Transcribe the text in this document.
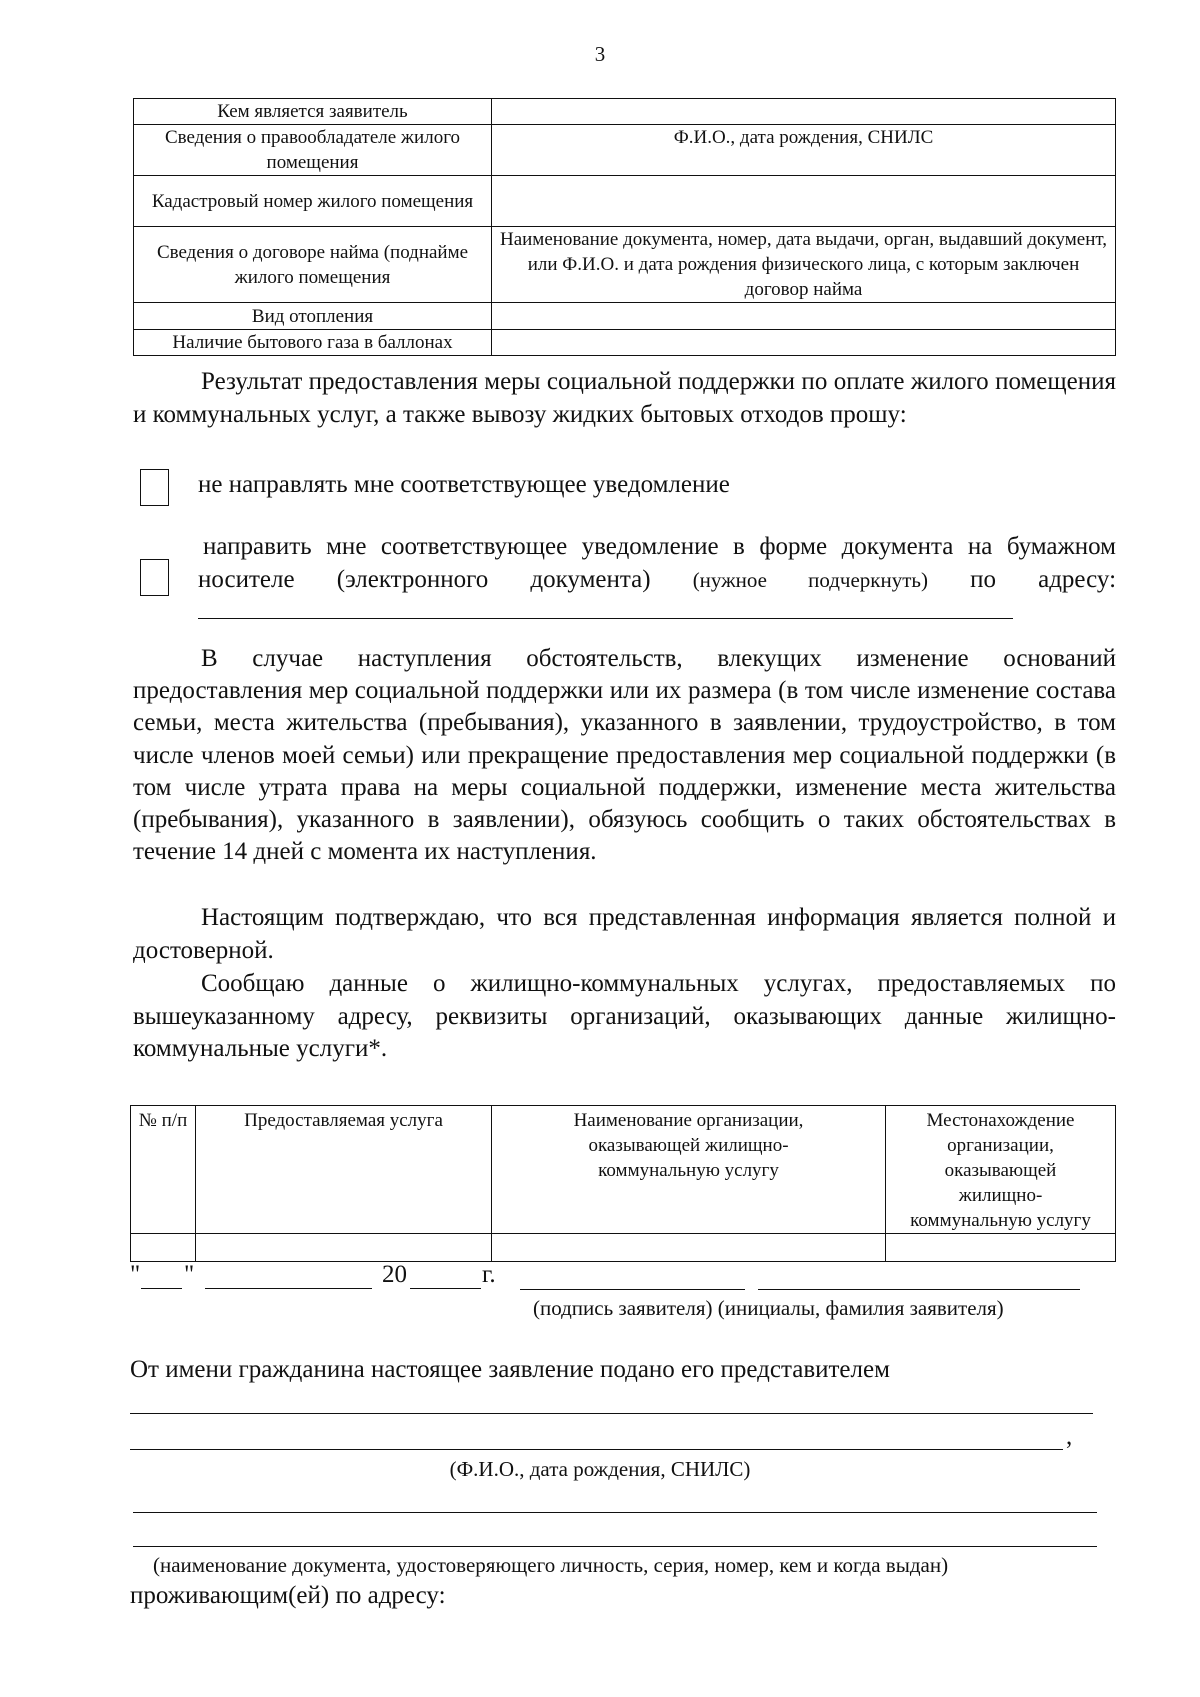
3
Кем является заявитель	
Сведения о правообладателе жилого помещения	Ф.И.О., дата рождения, СНИЛС
Кадастровый номер жилого помещения	
Сведения о договоре найма (поднайме жилого помещения	Наименование документа, номер, дата выдачи, орган, выдавший документ, или Ф.И.О. и дата рождения физического лица, с которым заключен договор найма
Вид отопления	
Наличие бытового газа в баллонах	
Результат предоставления меры социальной поддержки по оплате жилого помещения и коммунальных услуг, а также вывозу жидких бытовых отходов прошу:
не направлять мне соответствующее уведомление
направить мне соответствующее уведомление в форме документа на бумажном носителе (электронного документа) (нужное подчеркнуть) по адресу:
В случае наступления обстоятельств, влекущих изменение оснований предоставления мер социальной поддержки или их размера (в том числе изменение состава семьи, места жительства (пребывания), указанного в заявлении, трудоустройство, в том числе членов моей семьи) или прекращение предоставления мер социальной поддержки (в том числе утрата права на меры социальной поддержки, изменение места жительства (пребывания), указанного в заявлении), обязуюсь сообщить о таких обстоятельствах в течение 14 дней с момента их наступления.
Настоящим подтверждаю, что вся представленная информация является полной и достоверной.
Сообщаю данные о жилищно-коммунальных услугах, предоставляемых по вышеуказанному адресу, реквизиты организаций, оказывающих данные жилищно-коммунальные услуги*.
№ п/п	Предоставляемая услуга	Наименование организации, оказывающей жилищно-коммунальную услугу	Местонахождение организации, оказывающей жилищно-коммунальную услугу

" "	20	г.
(подпись заявителя) (инициалы, фамилия заявителя)
От имени гражданина настоящее заявление подано его представителем
,
(Ф.И.О., дата рождения, СНИЛС)
(наименование документа, удостоверяющего личность, серия, номер, кем и когда выдан)
проживающим(ей) по адресу:
